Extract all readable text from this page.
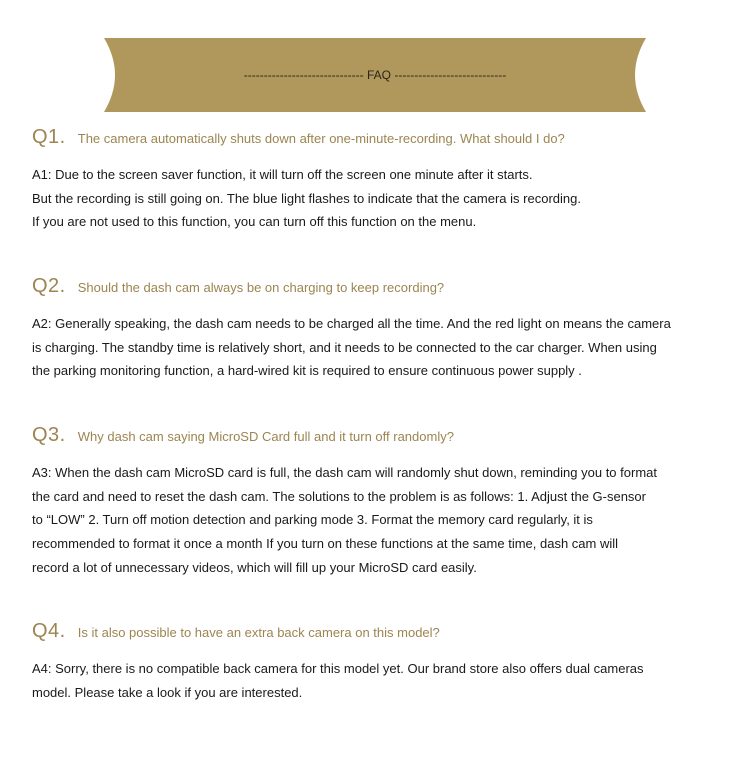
------------------------------ FAQ ----------------------------
Q1. The camera automatically shuts down after one-minute-recording. What should I do?

A1: Due to the screen saver function, it will turn off the screen one minute after it starts.

But the recording is still going on. The blue light flashes to indicate that the camera is recording.

If you are not used to this function, you can turn off this function on the menu.

Q2. Should the dash cam always be on charging to keep recording?

A2: Generally speaking, the dash cam needs to be charged all the time. And the red light on means the camera

is charging. The standby time is relatively short, and it needs to be connected to the car charger. When using

the parking monitoring function, a hard-wired kit is required to ensure continuous power supply .

Q3. Why dash cam saying MicroSD Card full and it turn off randomly?

A3: When the dash cam MicroSD card is full, the dash cam will randomly shut down, reminding you to format

the card and need to reset the dash cam. The solutions to the problem is as follows: 1. Adjust the G-sensor

to “LOW” 2. Turn off motion detection and parking mode 3. Format the memory card regularly, it is

recommended to format it once a month If you turn on these functions at the same time, dash cam will

record a lot of unnecessary videos, which will fill up your MicroSD card easily.

Q4. Is it also possible to have an extra back camera on this model?

A4: Sorry, there is no compatible back camera for this model yet. Our brand store also offers dual cameras

model. Please take a look if you are interested.
